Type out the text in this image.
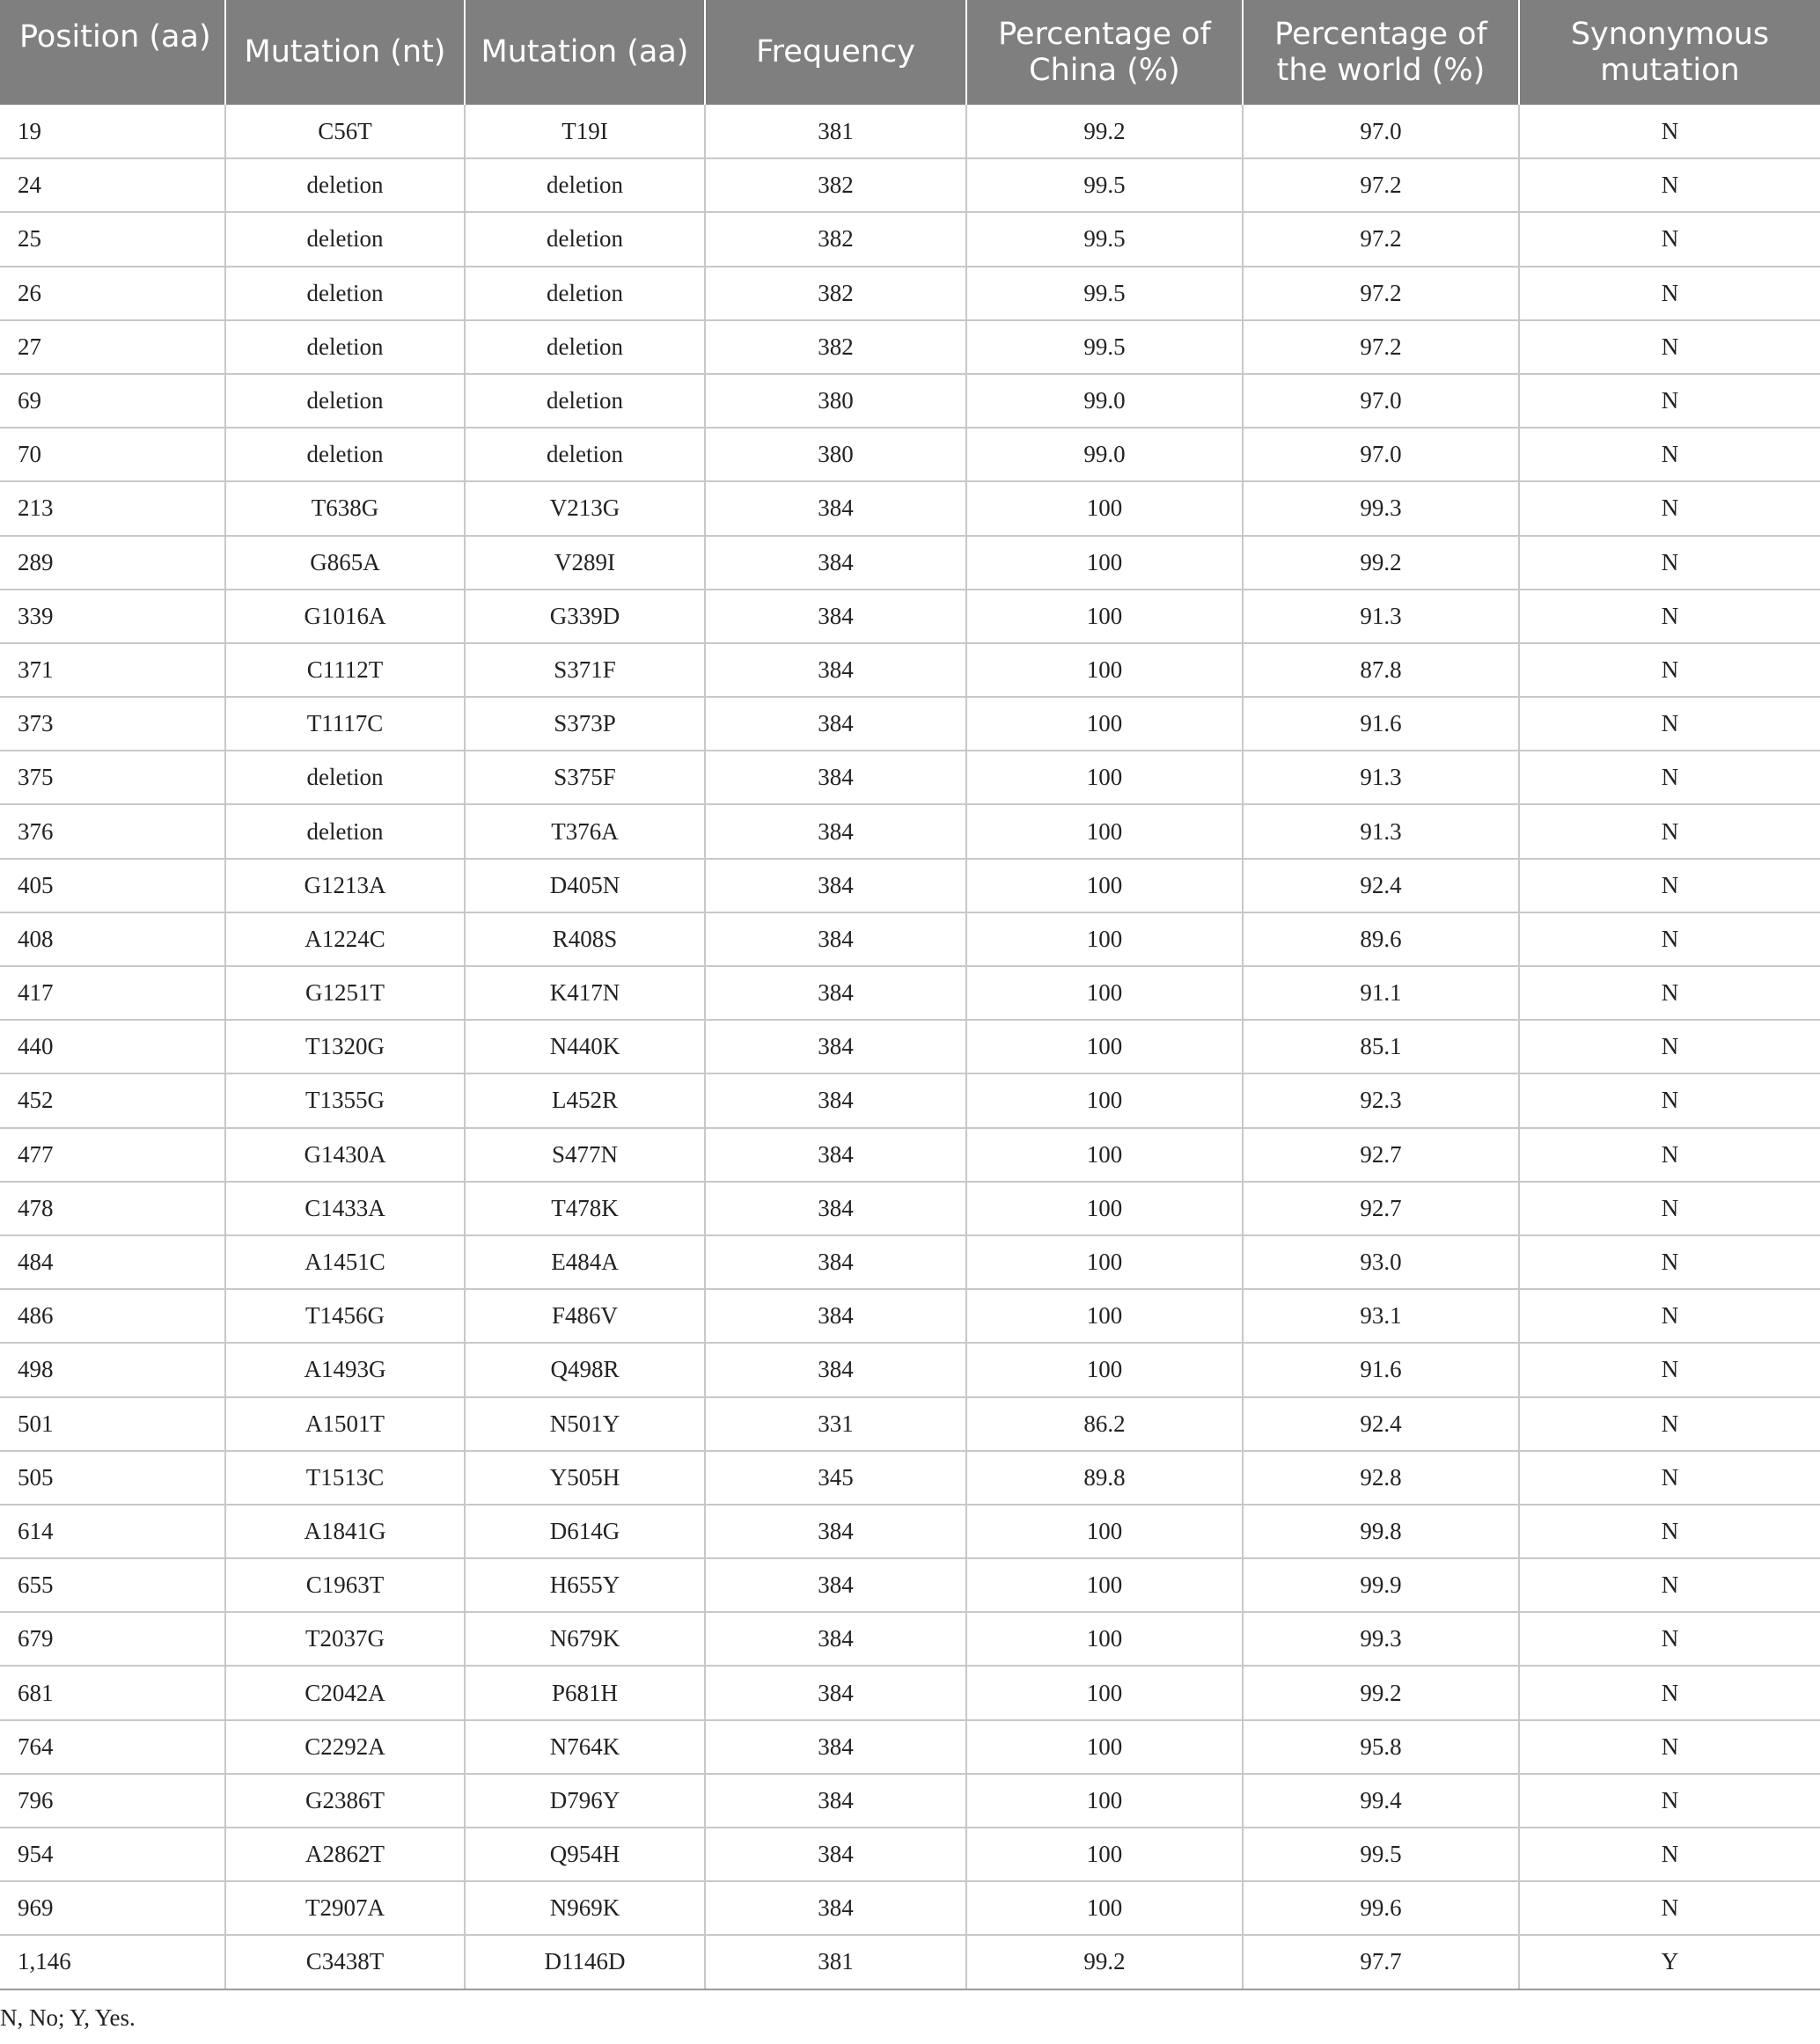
Position (aa)	Mutation (nt)	Mutation (aa)	Frequency	Percentage of China (%)	Percentage of the world (%)	Synonymous mutation
19	C56T	T19I	381	99.2	97.0	N
24	deletion	deletion	382	99.5	97.2	N
25	deletion	deletion	382	99.5	97.2	N
26	deletion	deletion	382	99.5	97.2	N
27	deletion	deletion	382	99.5	97.2	N
69	deletion	deletion	380	99.0	97.0	N
70	deletion	deletion	380	99.0	97.0	N
213	T638G	V213G	384	100	99.3	N
289	G865A	V289I	384	100	99.2	N
339	G1016A	G339D	384	100	91.3	N
371	C1112T	S371F	384	100	87.8	N
373	T1117C	S373P	384	100	91.6	N
375	deletion	S375F	384	100	91.3	N
376	deletion	T376A	384	100	91.3	N
405	G1213A	D405N	384	100	92.4	N
408	A1224C	R408S	384	100	89.6	N
417	G1251T	K417N	384	100	91.1	N
440	T1320G	N440K	384	100	85.1	N
452	T1355G	L452R	384	100	92.3	N
477	G1430A	S477N	384	100	92.7	N
478	C1433A	T478K	384	100	92.7	N
484	A1451C	E484A	384	100	93.0	N
486	T1456G	F486V	384	100	93.1	N
498	A1493G	Q498R	384	100	91.6	N
501	A1501T	N501Y	331	86.2	92.4	N
505	T1513C	Y505H	345	89.8	92.8	N
614	A1841G	D614G	384	100	99.8	N
655	C1963T	H655Y	384	100	99.9	N
679	T2037G	N679K	384	100	99.3	N
681	C2042A	P681H	384	100	99.2	N
764	C2292A	N764K	384	100	95.8	N
796	G2386T	D796Y	384	100	99.4	N
954	A2862T	Q954H	384	100	99.5	N
969	T2907A	N969K	384	100	99.6	N
1,146	C3438T	D1146D	381	99.2	97.7	Y
N, No; Y, Yes.
